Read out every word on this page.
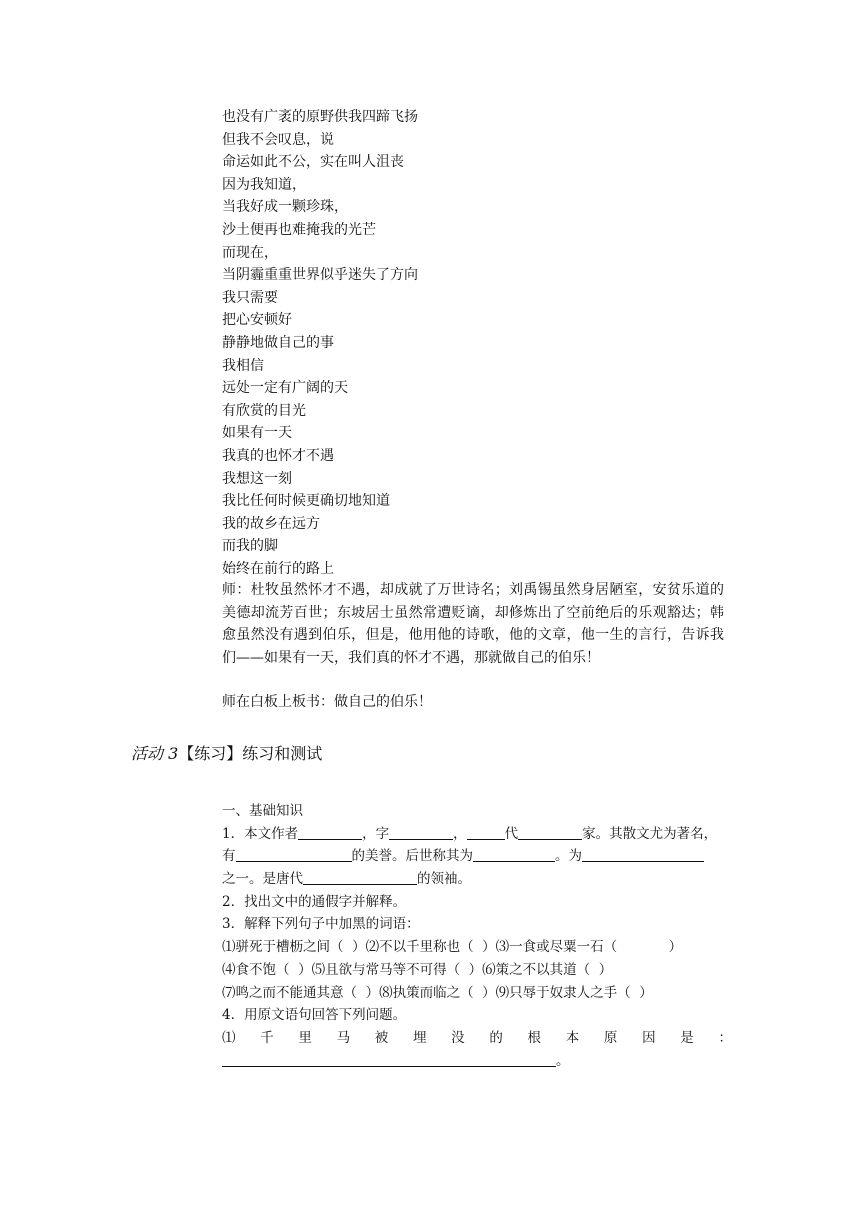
也没有广袤的原野供我四蹄飞扬
但我不会叹息，说
命运如此不公，实在叫人沮丧
因为我知道，
当我好成一颗珍珠，
沙土便再也难掩我的光芒
而现在，
当阴霾重重世界似乎迷失了方向
我只需要
把心安顿好
静静地做自己的事
我相信
远处一定有广阔的天
有欣赏的目光
如果有一天
我真的也怀才不遇
我想这一刻
我比任何时候更确切地知道
我的故乡在远方
而我的脚
始终在前行的路上
师：杜牧虽然怀才不遇，却成就了万世诗名；刘禹锡虽然身居陋室，安贫乐道的美德却流芳百世；东坡居士虽然常遭贬谪，却修炼出了空前绝后的乐观豁达；韩愈虽然没有遇到伯乐，但是，他用他的诗歌，他的文章，他一生的言行，告诉我们——如果有一天，我们真的怀才不遇，那就做自己的伯乐！
师在白板上板书：做自己的伯乐！
活动 3【练习】练习和测试
一、基础知识
1．本文作者	，字	，	代	家。其散文尤为著名，
有	的美誉。后世称其为	。为
之一。是唐代	的领袖。
2．找出文中的通假字并解释。
3．解释下列句子中加黑的词语：
⑴骈死于槽枥之间（  ）⑵不以千里称也（  ）⑶一食或尽粟一石（            ）
⑷食不饱（  ）⑸且欲与常马等不可得（  ）⑹策之不以其道（  ）
⑺鸣之而不能通其意（  ）⑻执策而临之（  ）⑼只辱于奴隶人之手（  ）
4．用原文语句回答下列问题。
⑴ 千 里 马 被 埋 没 的 根 本 原 因 是 ：
。
